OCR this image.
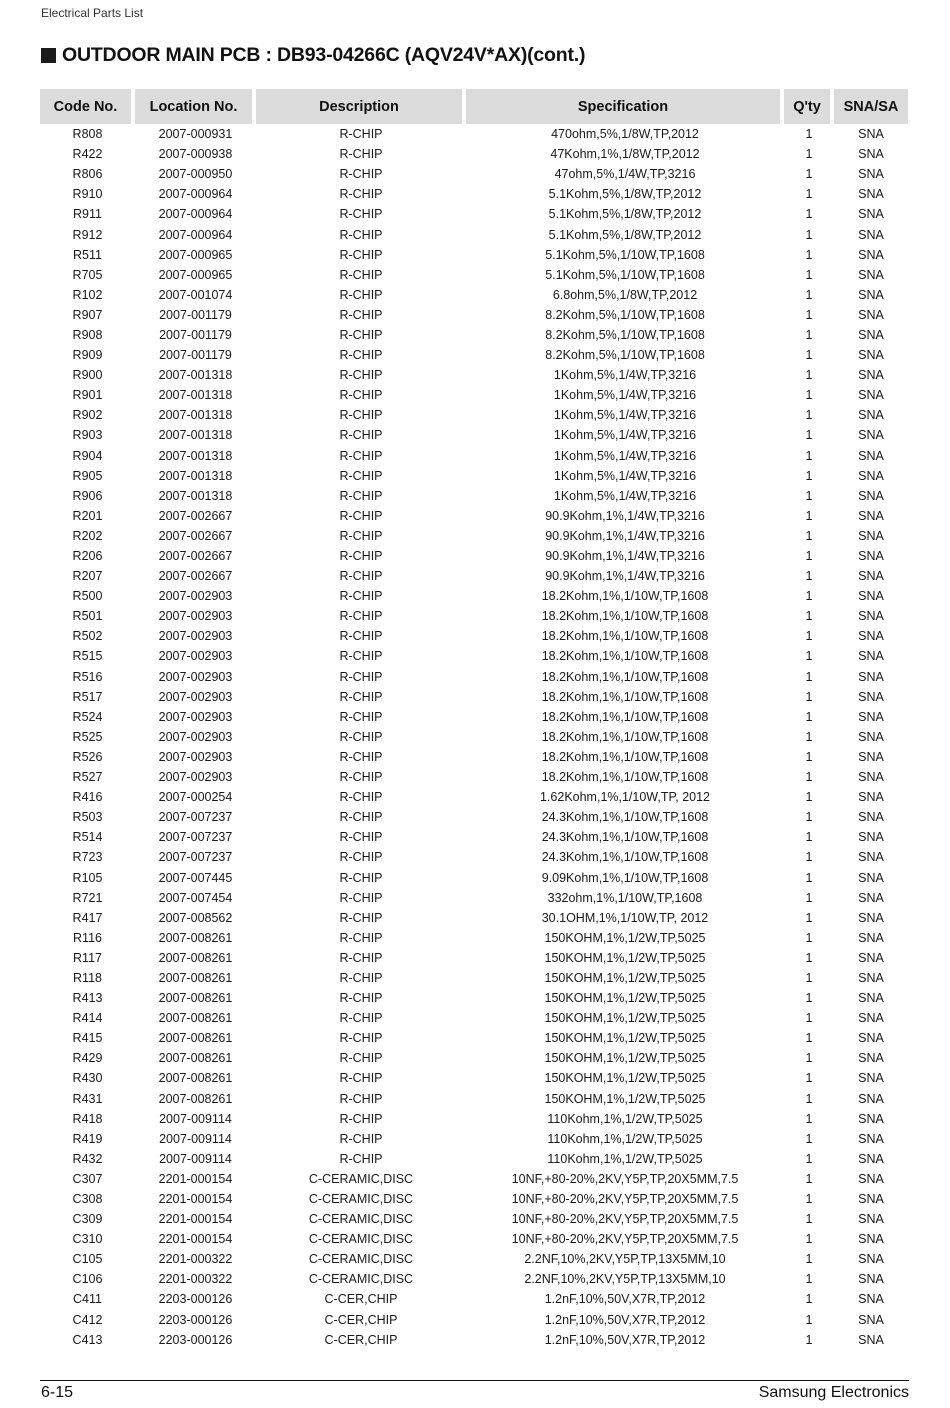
Electrical Parts List
OUTDOOR MAIN PCB : DB93-04266C (AQV24V*AX)(cont.)
Code No.	Location No.	Description	Specification	Q'ty	SNA/SA
R808	2007-000931	R-CHIP	470ohm,5%,1/8W,TP,2012	1	SNA
R422	2007-000938	R-CHIP	47Kohm,1%,1/8W,TP,2012	1	SNA
R806	2007-000950	R-CHIP	47ohm,5%,1/4W,TP,3216	1	SNA
R910	2007-000964	R-CHIP	5.1Kohm,5%,1/8W,TP,2012	1	SNA
R911	2007-000964	R-CHIP	5.1Kohm,5%,1/8W,TP,2012	1	SNA
R912	2007-000964	R-CHIP	5.1Kohm,5%,1/8W,TP,2012	1	SNA
R511	2007-000965	R-CHIP	5.1Kohm,5%,1/10W,TP,1608	1	SNA
R705	2007-000965	R-CHIP	5.1Kohm,5%,1/10W,TP,1608	1	SNA
R102	2007-001074	R-CHIP	6.8ohm,5%,1/8W,TP,2012	1	SNA
R907	2007-001179	R-CHIP	8.2Kohm,5%,1/10W,TP,1608	1	SNA
R908	2007-001179	R-CHIP	8.2Kohm,5%,1/10W,TP,1608	1	SNA
R909	2007-001179	R-CHIP	8.2Kohm,5%,1/10W,TP,1608	1	SNA
R900	2007-001318	R-CHIP	1Kohm,5%,1/4W,TP,3216	1	SNA
R901	2007-001318	R-CHIP	1Kohm,5%,1/4W,TP,3216	1	SNA
R902	2007-001318	R-CHIP	1Kohm,5%,1/4W,TP,3216	1	SNA
R903	2007-001318	R-CHIP	1Kohm,5%,1/4W,TP,3216	1	SNA
R904	2007-001318	R-CHIP	1Kohm,5%,1/4W,TP,3216	1	SNA
R905	2007-001318	R-CHIP	1Kohm,5%,1/4W,TP,3216	1	SNA
R906	2007-001318	R-CHIP	1Kohm,5%,1/4W,TP,3216	1	SNA
R201	2007-002667	R-CHIP	90.9Kohm,1%,1/4W,TP,3216	1	SNA
R202	2007-002667	R-CHIP	90.9Kohm,1%,1/4W,TP,3216	1	SNA
R206	2007-002667	R-CHIP	90.9Kohm,1%,1/4W,TP,3216	1	SNA
R207	2007-002667	R-CHIP	90.9Kohm,1%,1/4W,TP,3216	1	SNA
R500	2007-002903	R-CHIP	18.2Kohm,1%,1/10W,TP,1608	1	SNA
R501	2007-002903	R-CHIP	18.2Kohm,1%,1/10W,TP,1608	1	SNA
R502	2007-002903	R-CHIP	18.2Kohm,1%,1/10W,TP,1608	1	SNA
R515	2007-002903	R-CHIP	18.2Kohm,1%,1/10W,TP,1608	1	SNA
R516	2007-002903	R-CHIP	18.2Kohm,1%,1/10W,TP,1608	1	SNA
R517	2007-002903	R-CHIP	18.2Kohm,1%,1/10W,TP,1608	1	SNA
R524	2007-002903	R-CHIP	18.2Kohm,1%,1/10W,TP,1608	1	SNA
R525	2007-002903	R-CHIP	18.2Kohm,1%,1/10W,TP,1608	1	SNA
R526	2007-002903	R-CHIP	18.2Kohm,1%,1/10W,TP,1608	1	SNA
R527	2007-002903	R-CHIP	18.2Kohm,1%,1/10W,TP,1608	1	SNA
R416	2007-000254	R-CHIP	1.62Kohm,1%,1/10W,TP, 2012	1	SNA
R503	2007-007237	R-CHIP	24.3Kohm,1%,1/10W,TP,1608	1	SNA
R514	2007-007237	R-CHIP	24.3Kohm,1%,1/10W,TP,1608	1	SNA
R723	2007-007237	R-CHIP	24.3Kohm,1%,1/10W,TP,1608	1	SNA
R105	2007-007445	R-CHIP	9.09Kohm,1%,1/10W,TP,1608	1	SNA
R721	2007-007454	R-CHIP	332ohm,1%,1/10W,TP,1608	1	SNA
R417	2007-008562	R-CHIP	30.1OHM,1%,1/10W,TP, 2012	1	SNA
R116	2007-008261	R-CHIP	150KOHM,1%,1/2W,TP,5025	1	SNA
R117	2007-008261	R-CHIP	150KOHM,1%,1/2W,TP,5025	1	SNA
R118	2007-008261	R-CHIP	150KOHM,1%,1/2W,TP,5025	1	SNA
R413	2007-008261	R-CHIP	150KOHM,1%,1/2W,TP,5025	1	SNA
R414	2007-008261	R-CHIP	150KOHM,1%,1/2W,TP,5025	1	SNA
R415	2007-008261	R-CHIP	150KOHM,1%,1/2W,TP,5025	1	SNA
R429	2007-008261	R-CHIP	150KOHM,1%,1/2W,TP,5025	1	SNA
R430	2007-008261	R-CHIP	150KOHM,1%,1/2W,TP,5025	1	SNA
R431	2007-008261	R-CHIP	150KOHM,1%,1/2W,TP,5025	1	SNA
R418	2007-009114	R-CHIP	110Kohm,1%,1/2W,TP,5025	1	SNA
R419	2007-009114	R-CHIP	110Kohm,1%,1/2W,TP,5025	1	SNA
R432	2007-009114	R-CHIP	110Kohm,1%,1/2W,TP,5025	1	SNA
C307	2201-000154	C-CERAMIC,DISC	10NF,+80-20%,2KV,Y5P,TP,20X5MM,7.5	1	SNA
C308	2201-000154	C-CERAMIC,DISC	10NF,+80-20%,2KV,Y5P,TP,20X5MM,7.5	1	SNA
C309	2201-000154	C-CERAMIC,DISC	10NF,+80-20%,2KV,Y5P,TP,20X5MM,7.5	1	SNA
C310	2201-000154	C-CERAMIC,DISC	10NF,+80-20%,2KV,Y5P,TP,20X5MM,7.5	1	SNA
C105	2201-000322	C-CERAMIC,DISC	2.2NF,10%,2KV,Y5P,TP,13X5MM,10	1	SNA
C106	2201-000322	C-CERAMIC,DISC	2.2NF,10%,2KV,Y5P,TP,13X5MM,10	1	SNA
C411	2203-000126	C-CER,CHIP	1.2nF,10%,50V,X7R,TP,2012	1	SNA
C412	2203-000126	C-CER,CHIP	1.2nF,10%,50V,X7R,TP,2012	1	SNA
C413	2203-000126	C-CER,CHIP	1.2nF,10%,50V,X7R,TP,2012	1	SNA
6-15	Samsung Electronics
